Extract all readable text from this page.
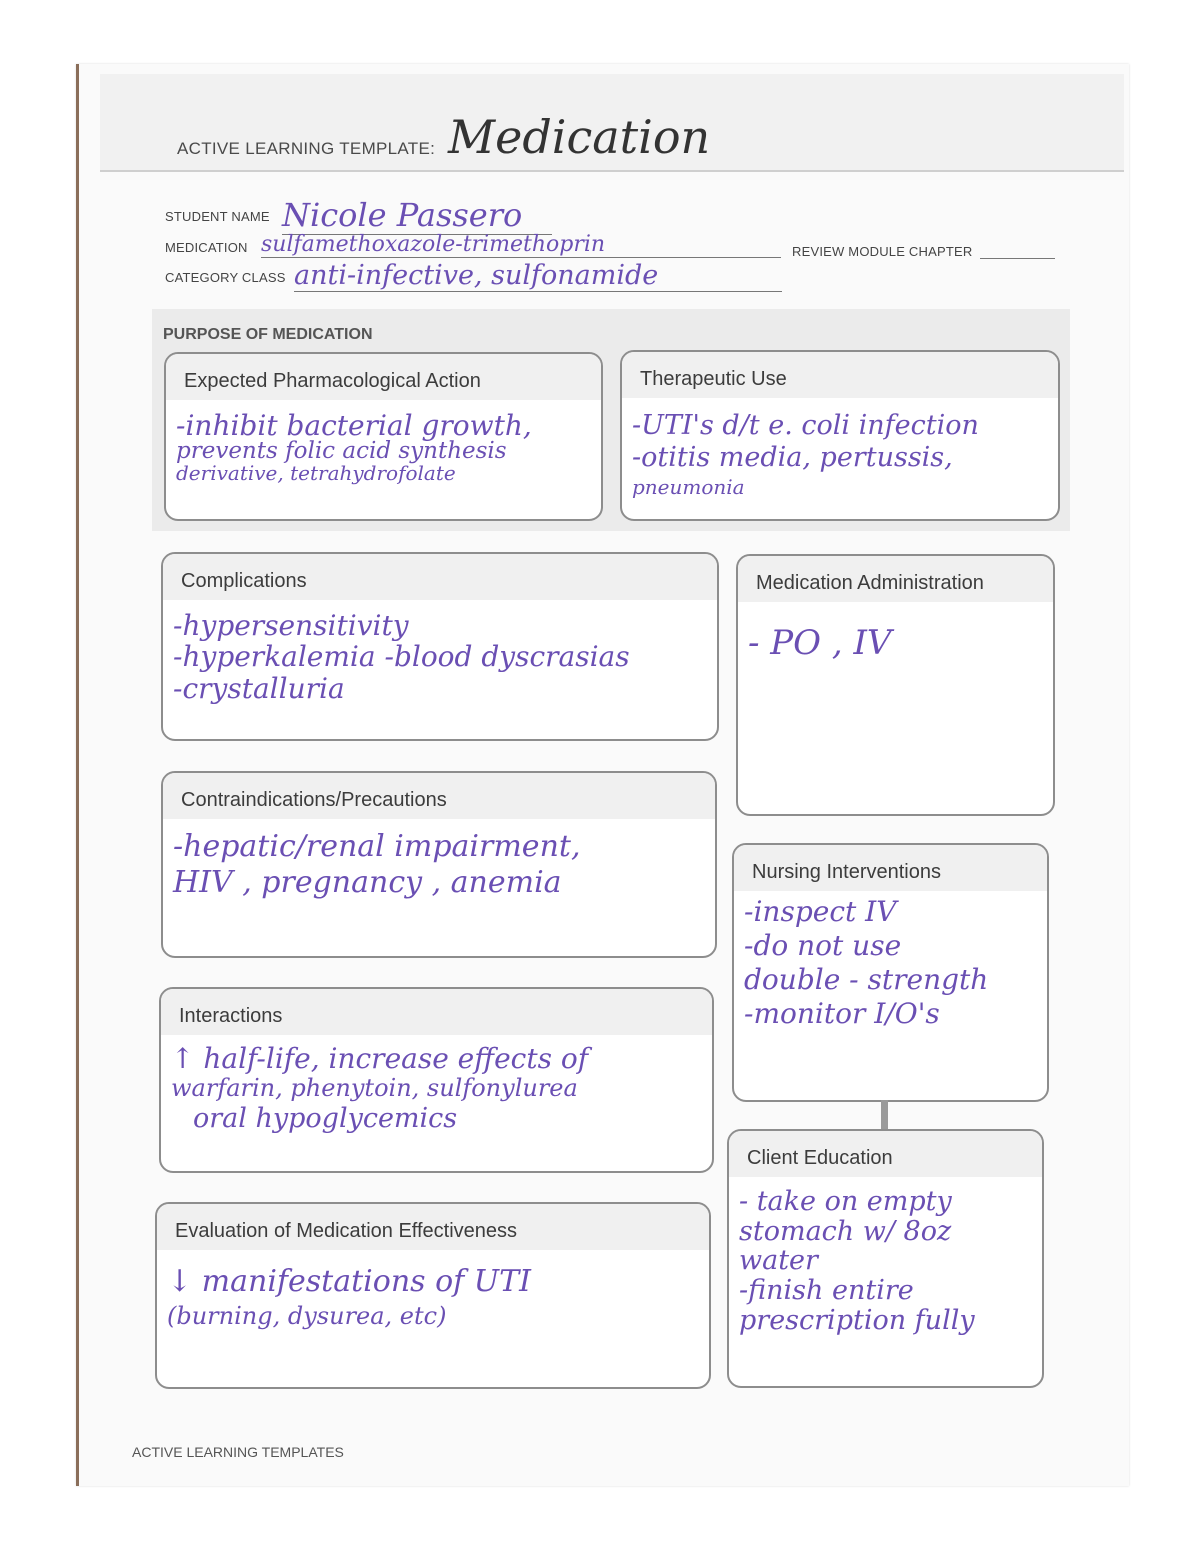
ACTIVE LEARNING TEMPLATE: Medication
STUDENT NAME Nicole Passero
MEDICATION sulfamethoxazole-trimethoprin	REVIEW MODULE CHAPTER
CATEGORY CLASS anti-infective, sulfonamide
PURPOSE OF MEDICATION
Expected Pharmacological Action
-inhibit bacterial growth,
prevents folic acid synthesis
derivative, tetrahydrofolate
Therapeutic Use
-UTI's d/t e. coli infection
-otitis media, pertussis,
pneumonia
Complications
-hypersensitivity
-hyperkalemia -blood dyscrasias
-crystalluria
Medication Administration
- PO , IV
Contraindications/Precautions
-hepatic/renal impairment,
HIV , pregnancy , anemia	Nursing Interventions
-inspect IV
-do not use
double - strength
-monitor I/O's
Interactions
↑ half-life, increase effects of
warfarin, phenytoin, sulfonylurea
oral hypoglycemics
Client Education
- take on empty
stomach w/ 8oz
water
-finish entire
prescription fully
Evaluation of Medication Effectiveness
↓ manifestations of UTI
(burning, dysurea, etc)
ACTIVE LEARNING TEMPLATES
